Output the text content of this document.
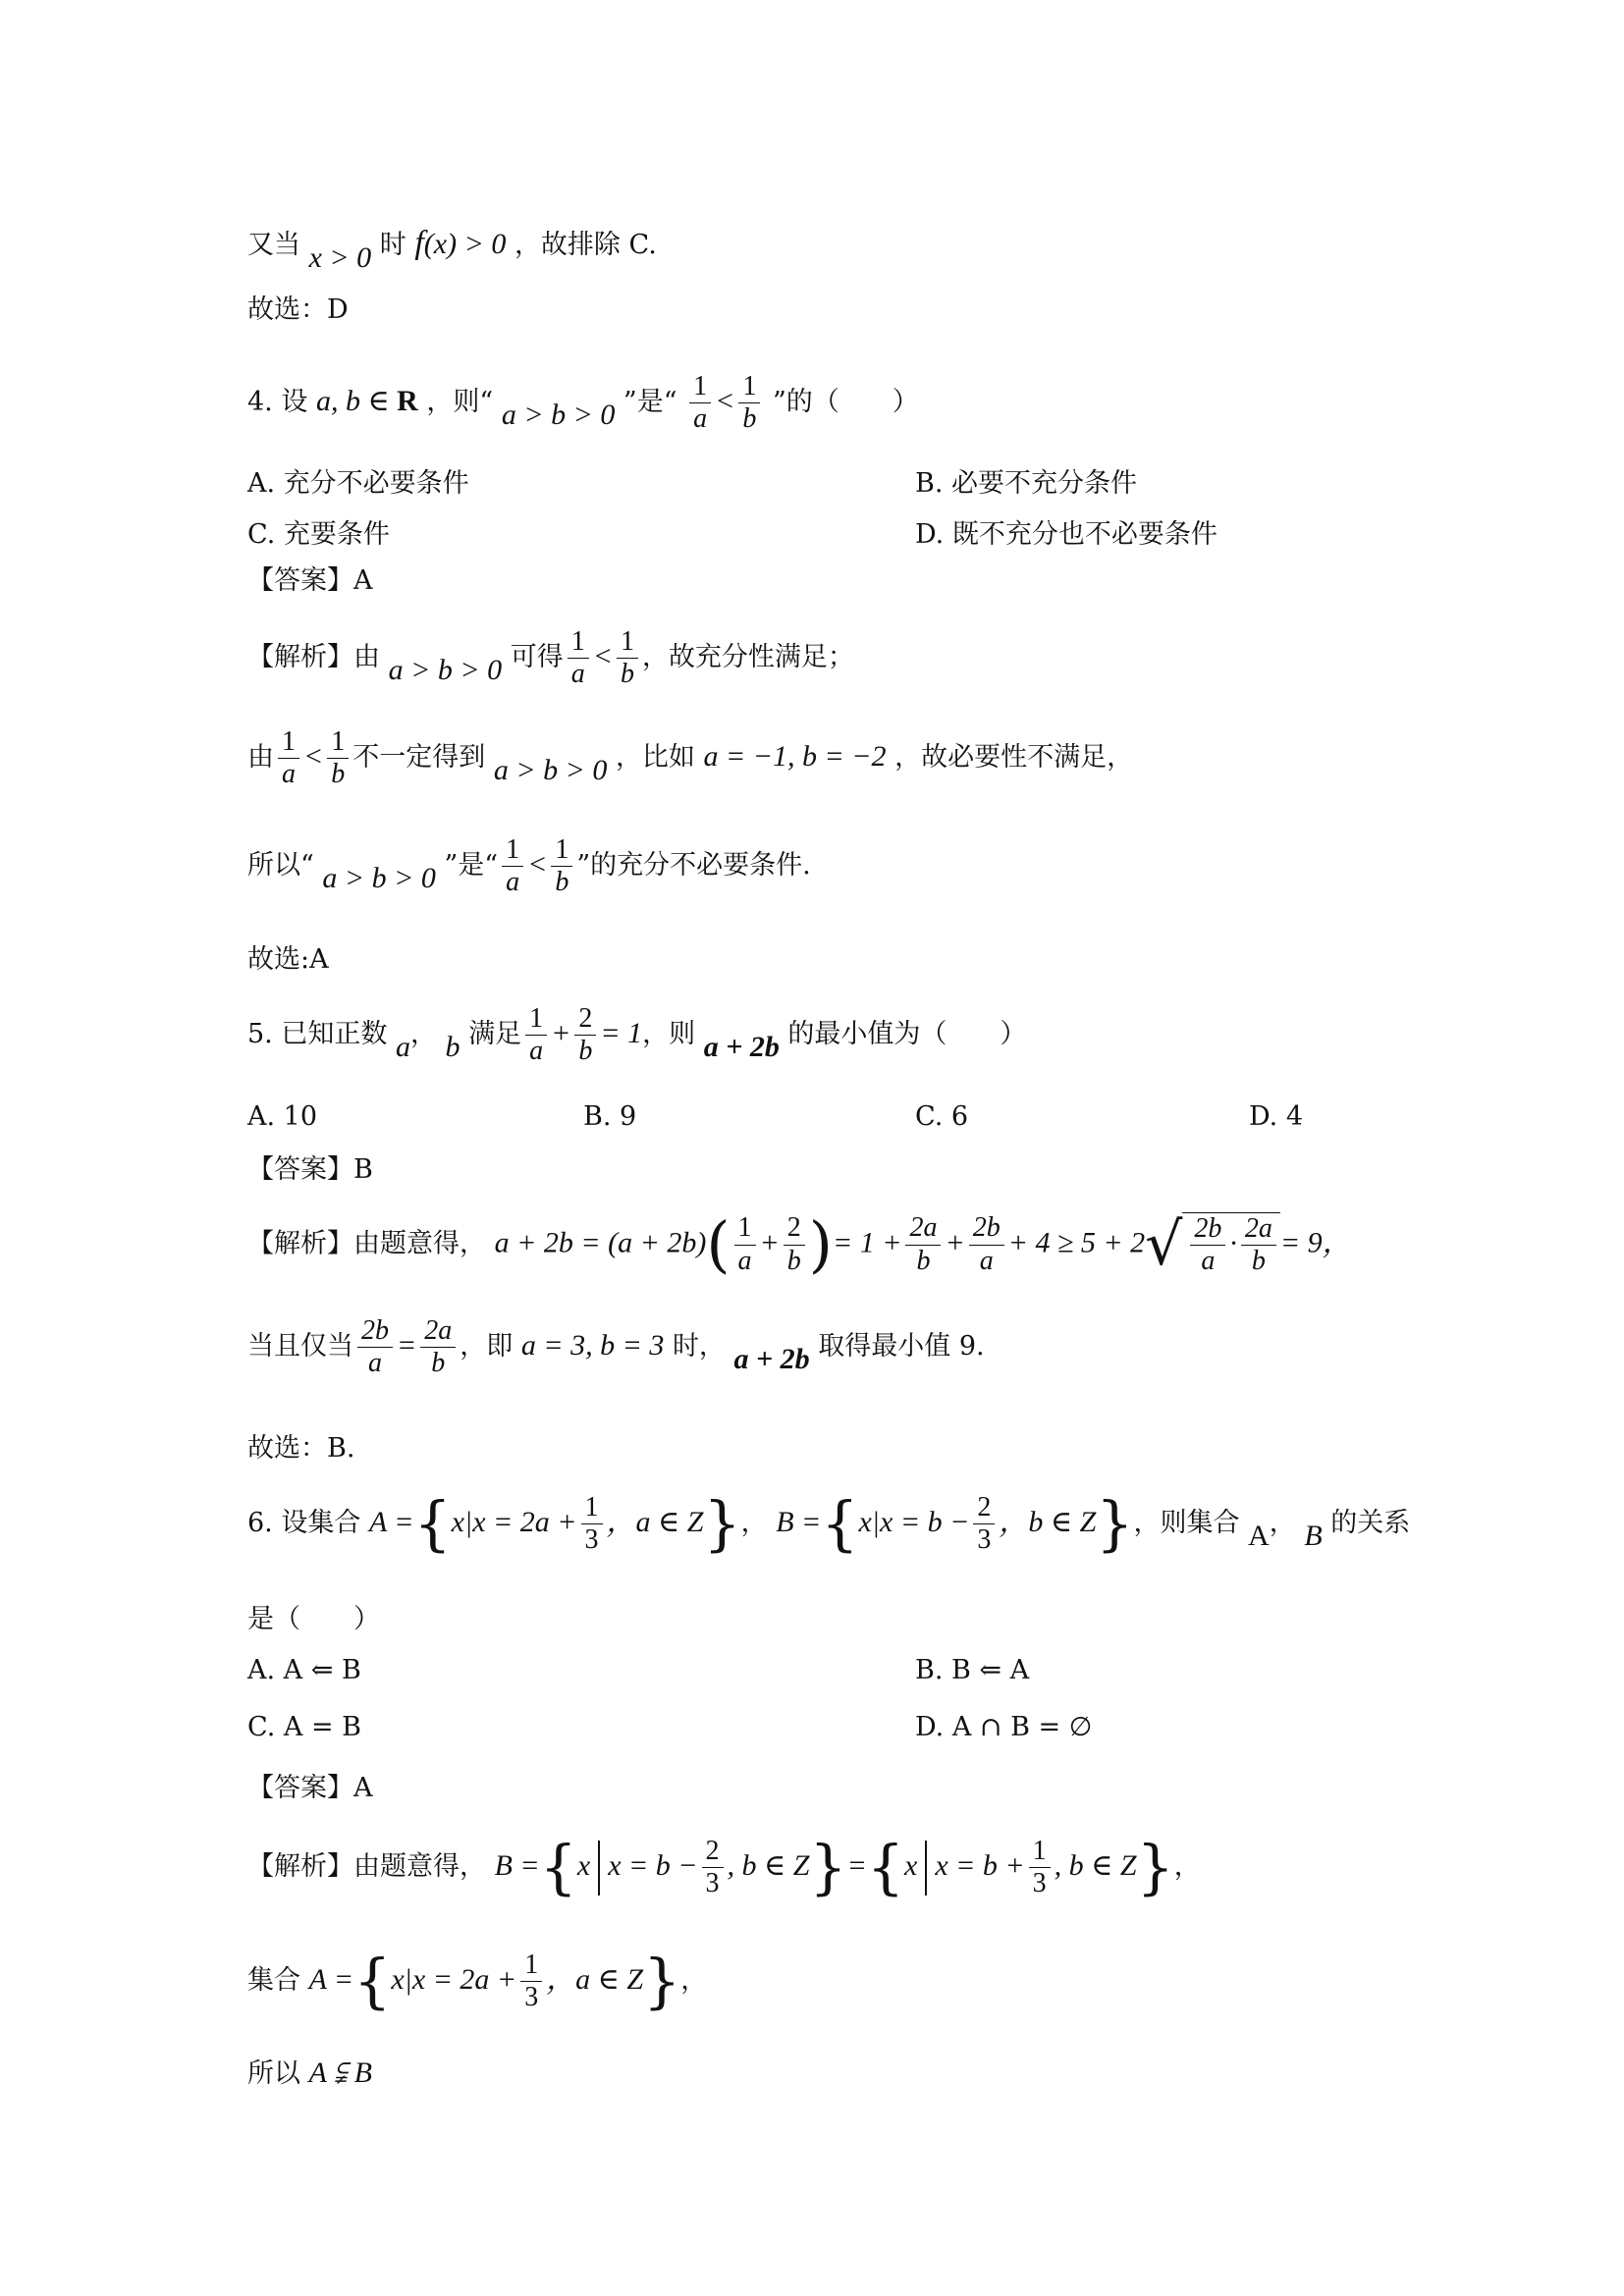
又当 x > 0 时 f(x) > 0 ，故排除 C.
故选：D
4. 设 a, b ∈ R ，则“ a > b > 0 ”是“ $\frac{1}{a} < \frac{1}{b}$ ”的（　　）
A. 充分不必要条件	B. 必要不充分条件
C. 充要条件	D. 既不充分也不必要条件
【答案】A
【解析】由 a > b > 0 可得 $\frac{1}{a} < \frac{1}{b}$ ，故充分性满足；
由 $\frac{1}{a} < \frac{1}{b}$ 不一定得到 a > b > 0 ，比如 a = −1, b = −2 ，故必要性不满足，
所以“ a > b > 0 ”是“ $\frac{1}{a} < \frac{1}{b}$ ”的充分不必要条件.
故选:A
5. 已知正数 a， b 满足 $\frac{1}{a} + \frac{2}{b} = 1$，则 a + 2b 的最小值为（　　）
A. 10	B. 9	C. 6	D. 4
【答案】B
【解析】由题意得， $a + 2b = (a + 2b)( \frac{1}{a} + \frac{2}{b}$ )= $1 + \frac{2a}{b} + \frac{2b}{a} + 4 \ge 5 + 2√ \frac{2b}{a} \cdot \frac{2a}{b} = 9$，
当且仅当 $\frac{2b}{a} = \frac{2a}{b}$ ，即 a = 3, b = 3 时， a + 2b 取得最小值 9.
故选：B.
6. 设集合 $A =\{x|x = 2a + \frac{1}{3}$ ，a ∈ Z}， $B =\{x|x = b - \frac{2}{3}$ ，b ∈ Z}，则集合 A， B 的关系
是（　　）
A. A ⇐ B	B. B ⇐ A
C. A = B	D. A ∩ B = ∅
【答案】A
【解析】由题意得， B ={x $x = b - \frac{2}{3}$ , b ∈ Z}={x $x = b + \frac{1}{3}$ , b ∈ Z}，
集合 $A =\{x|x = 2a + \frac{1}{3}$ ，a ∈ Z}，
所以 A ⫋ B
